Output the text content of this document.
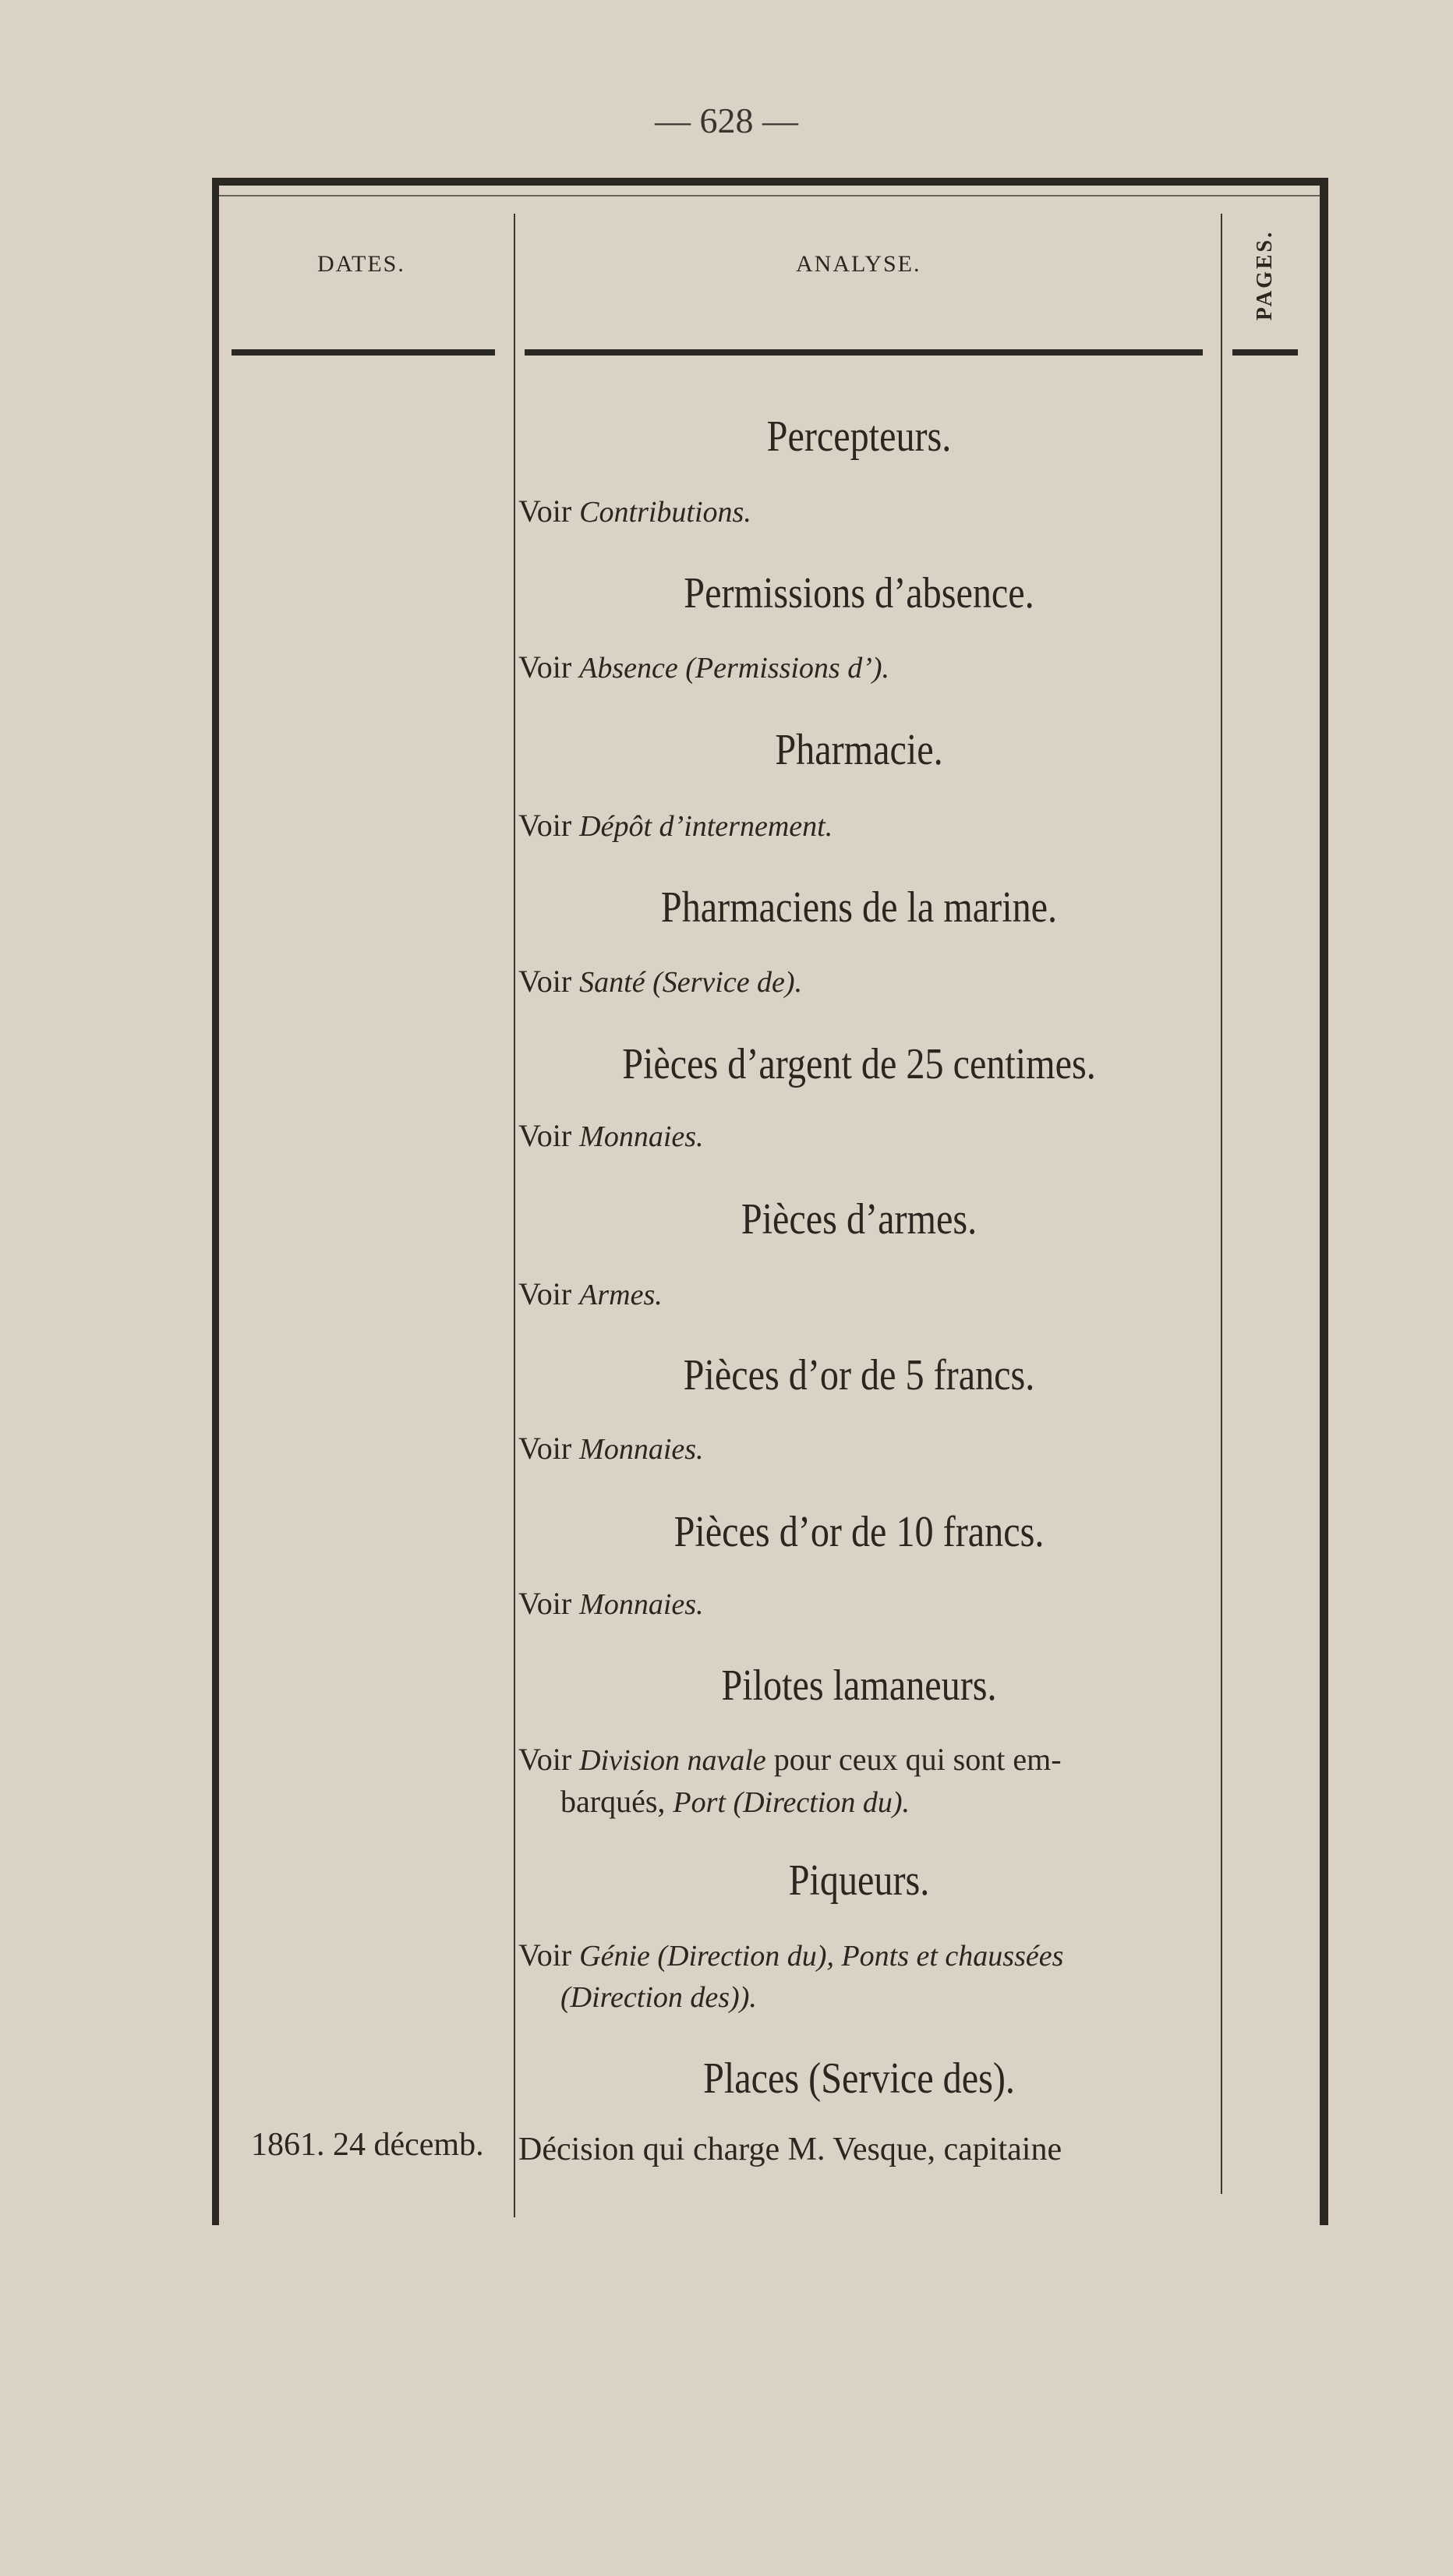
— 628 —
DATES.	ANALYSE.	PAGES.
Percepteurs.
Voir Contributions.
Permissions d’absence.
Voir Absence (Permissions d’).
Pharmacie.
Voir Dépôt d’internement.
Pharmaciens de la marine.
Voir Santé (Service de).
Pièces d’argent de 25 centimes.
Voir Monnaies.
Pièces d’armes.
Voir Armes.
Pièces d’or de 5 francs.
Voir Monnaies.
Pièces d’or de 10 francs.
Voir Monnaies.
Pilotes lamaneurs.
Voir Division navale pour ceux qui sont em-
barqués, Port (Direction du).
Piqueurs.
Voir Génie (Direction du), Ponts et chaussées
(Direction des)).
Places (Service des).
1861. 24 décemb. Décision qui charge M. Vesque, capitaine
